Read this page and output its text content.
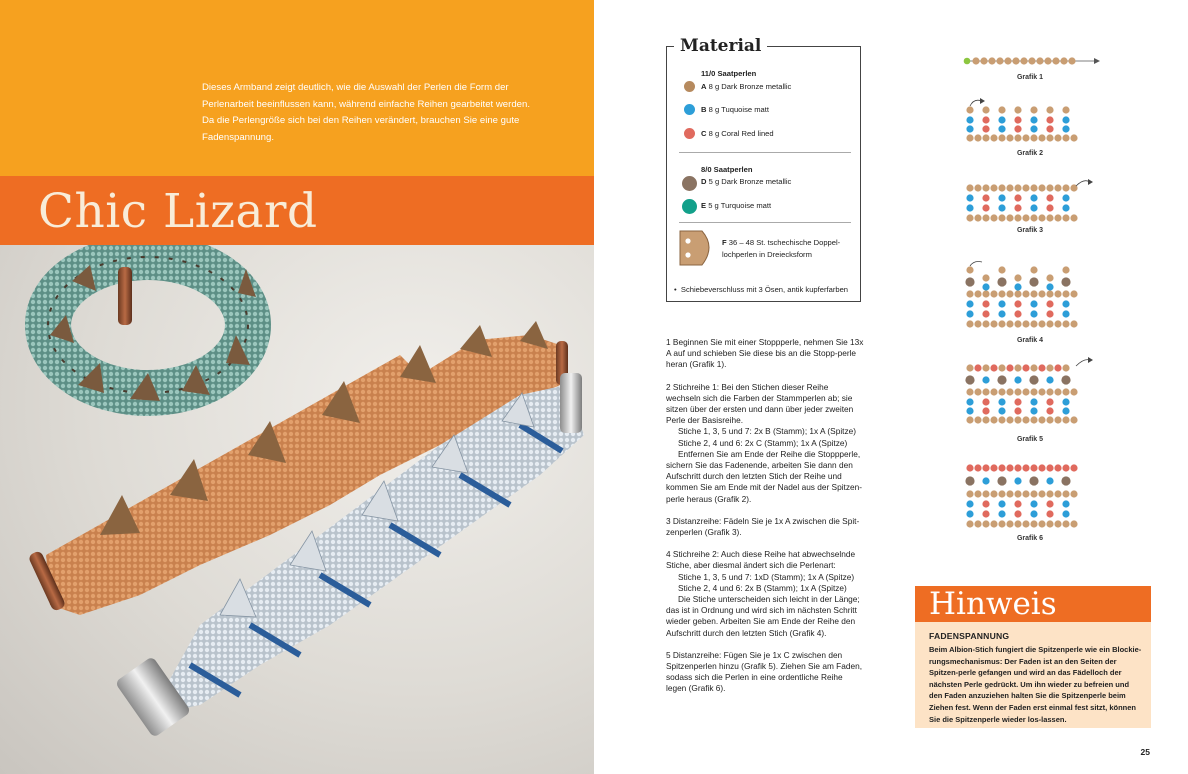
Dieses Armband zeigt deutlich, wie die Auswahl der Perlen die Form der Perlenarbeit beeinflussen kann, während einfache Reihen gearbeitet werden. Da die Perlengröße sich bei den Reihen verändert, brauchen Sie eine gute Fadenspannung.
Chic Lizard
Material
11/0 Saatperlen
A 8 g Dark Bronze metallic
B 8 g Tuquoise matt
C 8 g Coral Red lined
8/0 Saatperlen
D 5 g Dark Bronze metallic
E 5 g Turquoise matt
F 36 – 48 St. tschechische Doppel-
lochperlen in Dreiecksform
•  Schiebeverschluss mit 3 Ösen, antik kupferfarben

1 Beginnen Sie mit einer Stoppperle, nehmen Sie 13x A auf und schieben Sie diese bis an die Stopp-perle heran (Grafik 1).

2 Stichreihe 1: Bei den Stichen dieser Reihe wechseln sich die Farben der Stammperlen ab; sie sitzen über der ersten und dann über jeder zweiten Perle der Basisreihe.
Stiche 1, 3, 5 und 7: 2x B (Stamm); 1x A (Spitze)
Stiche 2, 4 und 6: 2x C (Stamm); 1x A (Spitze)
Entfernen Sie am Ende der Reihe die Stoppperle, sichern Sie das Fadenende, arbeiten Sie dann den Aufschritt durch den letzten Stich der Reihe und kommen Sie am Ende mit der Nadel aus der Spitzen-perle heraus (Grafik 2).

3 Distanzreihe: Fädeln Sie je 1x A zwischen die Spit-zenperlen (Grafik 3).

4 Stichreihe 2: Auch diese Reihe hat abwechselnde Stiche, aber diesmal ändert sich die Perlenart:
Stiche 1, 3, 5 und 7: 1xD (Stamm); 1x A (Spitze)
Stiche 2, 4 und 6: 2x B (Stamm); 1x A (Spitze)
Die Stiche unterscheiden sich leicht in der Länge; das ist in Ordnung und wird sich im nächsten Schritt wieder geben. Arbeiten Sie am Ende der Reihe den Aufschritt durch den letzten Stich (Grafik 4).

5 Distanzreihe: Fügen Sie je 1x C zwischen den Spitzenperlen hinzu (Grafik 5). Ziehen Sie am Faden, sodass sich die Perlen in eine ordentliche Reihe legen (Grafik 6).

Grafik 1
Grafik 2
Grafik 3
Grafik 4
Grafik 5
Grafik 6
Hinweis
FADENSPANNUNG
Beim Albion-Stich fungiert die Spitzenperle wie ein Blockie-rungsmechanismus: Der Faden ist an den Seiten der Spitzen-perle gefangen und wird an das Fädelloch der nächsten Perle gedrückt. Um ihn wieder zu befreien und den Faden anzuziehen halten Sie die Spitzenperle beim Ziehen fest. Wenn der Faden erst einmal fest sitzt, können Sie die Spitzenperle wieder los-lassen.
25
